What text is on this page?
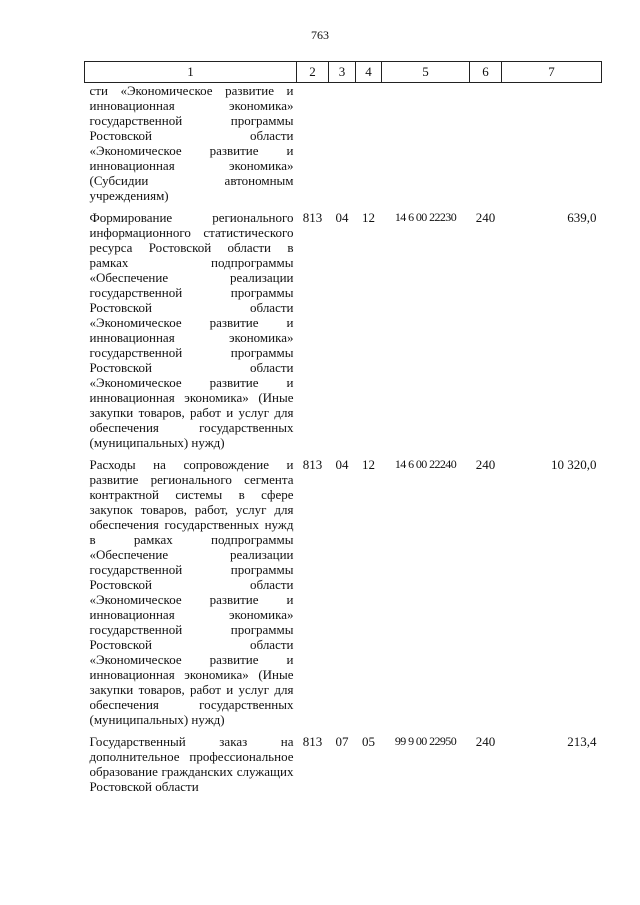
763
1	2	3	4	5	6	7
сти «Экономическое развитие и инновационная экономика» государственной программы Ростовской области «Экономическое развитие и инновационная экономика» (Субсидии автономным учреждениям)						
Формирование регионального информационного статистического ресурса Ростовской области в рамках подпрограммы «Обеспечение реализации государственной программы Ростовской области «Экономическое развитие и инновационная экономика» государственной программы Ростовской области «Экономическое развитие и инновационная экономика» (Иные закупки товаров, работ и услуг для обеспечения государственных (муниципальных) нужд)	813	04	12	14 6 00 22230	240	639,0
Расходы на сопровождение и развитие регионального сегмента контрактной системы в сфере закупок товаров, работ, услуг для обеспечения государственных нужд в рамках подпрограммы «Обеспечение реализации государственной программы Ростовской области «Экономическое развитие и инновационная экономика» государственной программы Ростовской области «Экономическое развитие и инновационная экономика» (Иные закупки товаров, работ и услуг для обеспечения государственных (муниципальных) нужд)	813	04	12	14 6 00 22240	240	10 320,0
Государственный заказ на дополнительное профессиональное образование гражданских служащих Ростовской области	813	07	05	99 9 00 22950	240	213,4
